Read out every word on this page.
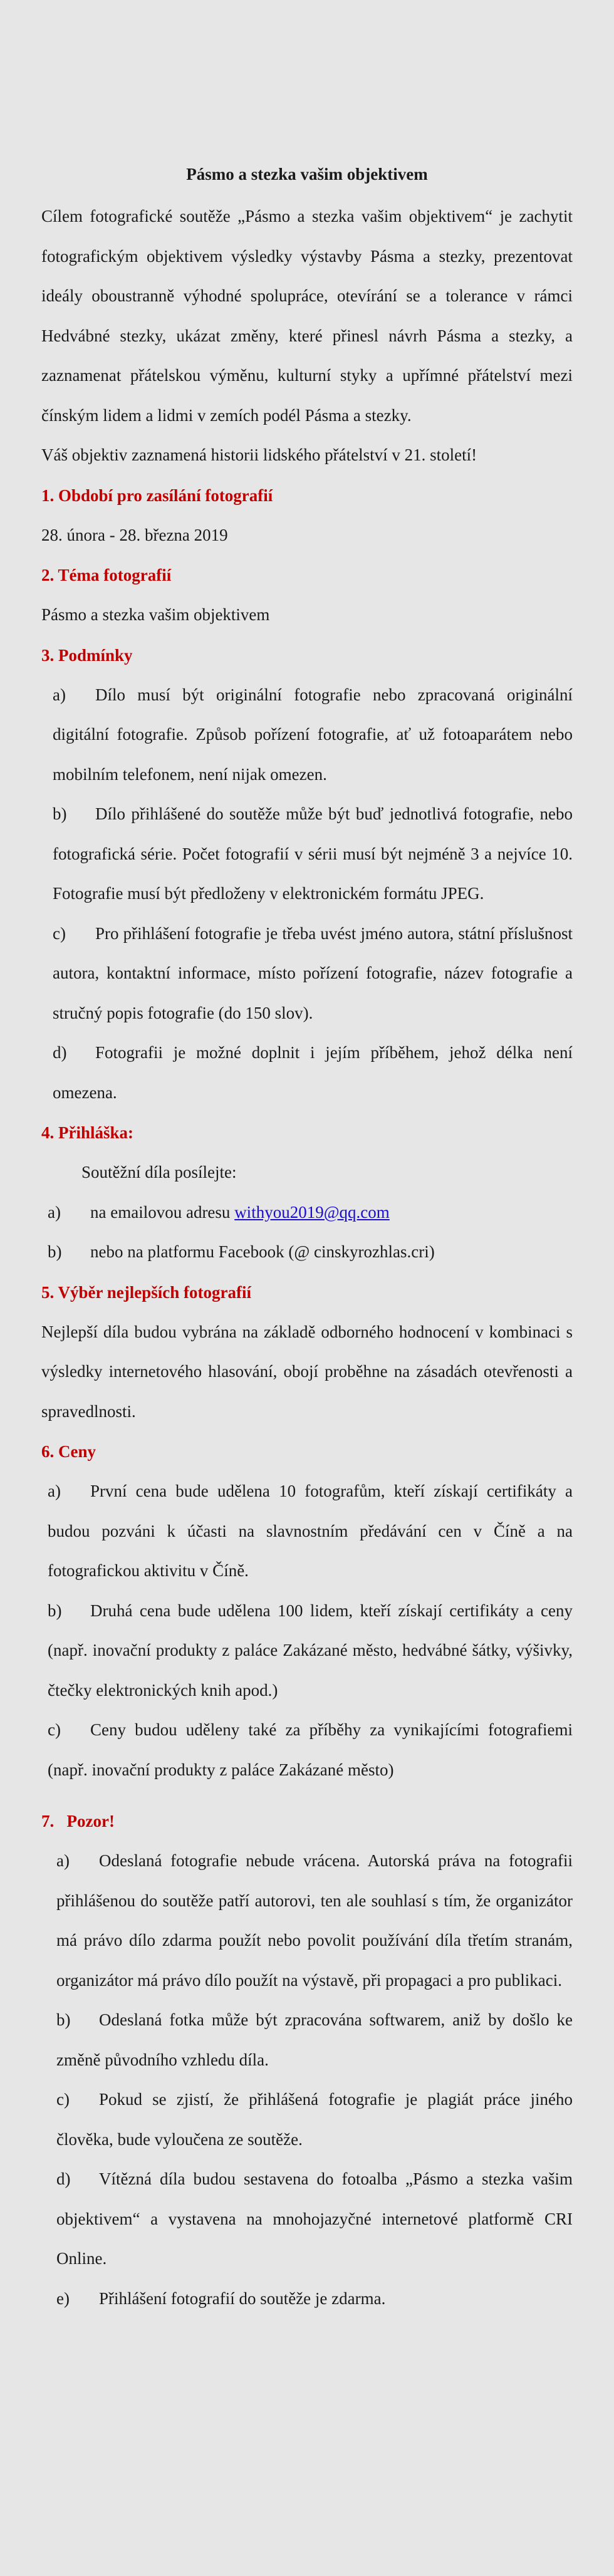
Pásmo a stezka vašim objektivem

Cílem fotografické soutěže „Pásmo a stezka vašim objektivem“ je zachytit fotografickým objektivem výsledky výstavby Pásma a stezky, prezentovat ideály oboustranně výhodné spolupráce, otevírání se a tolerance v rámci Hedvábné stezky, ukázat změny, které přinesl návrh Pásma a stezky, a zaznamenat přátelskou výměnu, kulturní styky a upřímné přátelství mezi čínským lidem a lidmi v zemích podél Pásma a stezky.

Váš objektiv zaznamená historii lidského přátelství v 21. století!

1. Období pro zasílání fotografií

28. února - 28. března 2019

2. Téma fotografií

Pásmo a stezka vašim objektivem

3. Podmínky

a) Dílo musí být originální fotografie nebo zpracovaná originální digitální fotografie. Způsob pořízení fotografie, ať už fotoaparátem nebo mobilním telefonem, není nijak omezen.

b) Dílo přihlášené do soutěže může být buď jednotlivá fotografie, nebo fotografická série. Počet fotografií v sérii musí být nejméně 3 a nejvíce 10. Fotografie musí být předloženy v elektronickém formátu JPEG.

c) Pro přihlášení fotografie je třeba uvést jméno autora, státní příslušnost autora, kontaktní informace, místo pořízení fotografie, název fotografie a stručný popis fotografie (do 150 slov).

d) Fotografii je možné doplnit i jejím příběhem, jehož délka není omezena.

4. Přihláška:

Soutěžní díla posílejte:

a) na emailovou adresu withyou2019@qq.com

b) nebo na platformu Facebook (@ cinskyrozhlas.cri)

5. Výběr nejlepších fotografií

Nejlepší díla budou vybrána na základě odborného hodnocení v kombinaci s výsledky internetového hlasování, obojí proběhne na zásadách otevřenosti a spravedlnosti.

6. Ceny

a) První cena bude udělena 10 fotografům, kteří získají certifikáty a budou pozváni k účasti na slavnostním předávání cen v Číně a na fotografickou aktivitu v Číně.

b) Druhá cena bude udělena 100 lidem, kteří získají certifikáty a ceny (např. inovační produkty z paláce Zakázané město, hedvábné šátky, výšivky, čtečky elektronických knih apod.)

c) Ceny budou uděleny také za příběhy za vynikajícími fotografiemi (např. inovační produkty z paláce Zakázané město)

7.   Pozor!

a) Odeslaná fotografie nebude vrácena. Autorská práva na fotografii přihlášenou do soutěže patří autorovi, ten ale souhlasí s tím, že organizátor má právo dílo zdarma použít nebo povolit používání díla třetím stranám, organizátor má právo dílo použít na výstavě, při propagaci a pro publikaci.

b) Odeslaná fotka může být zpracována softwarem, aniž by došlo ke změně původního vzhledu díla.

c) Pokud se zjistí, že přihlášená fotografie je plagiát práce jiného člověka, bude vyloučena ze soutěže.

d) Vítězná díla budou sestavena do fotoalba „Pásmo a stezka vašim objektivem“ a vystavena na mnohojazyčné internetové platformě CRI Online.

e) Přihlášení fotografií do soutěže je zdarma.
